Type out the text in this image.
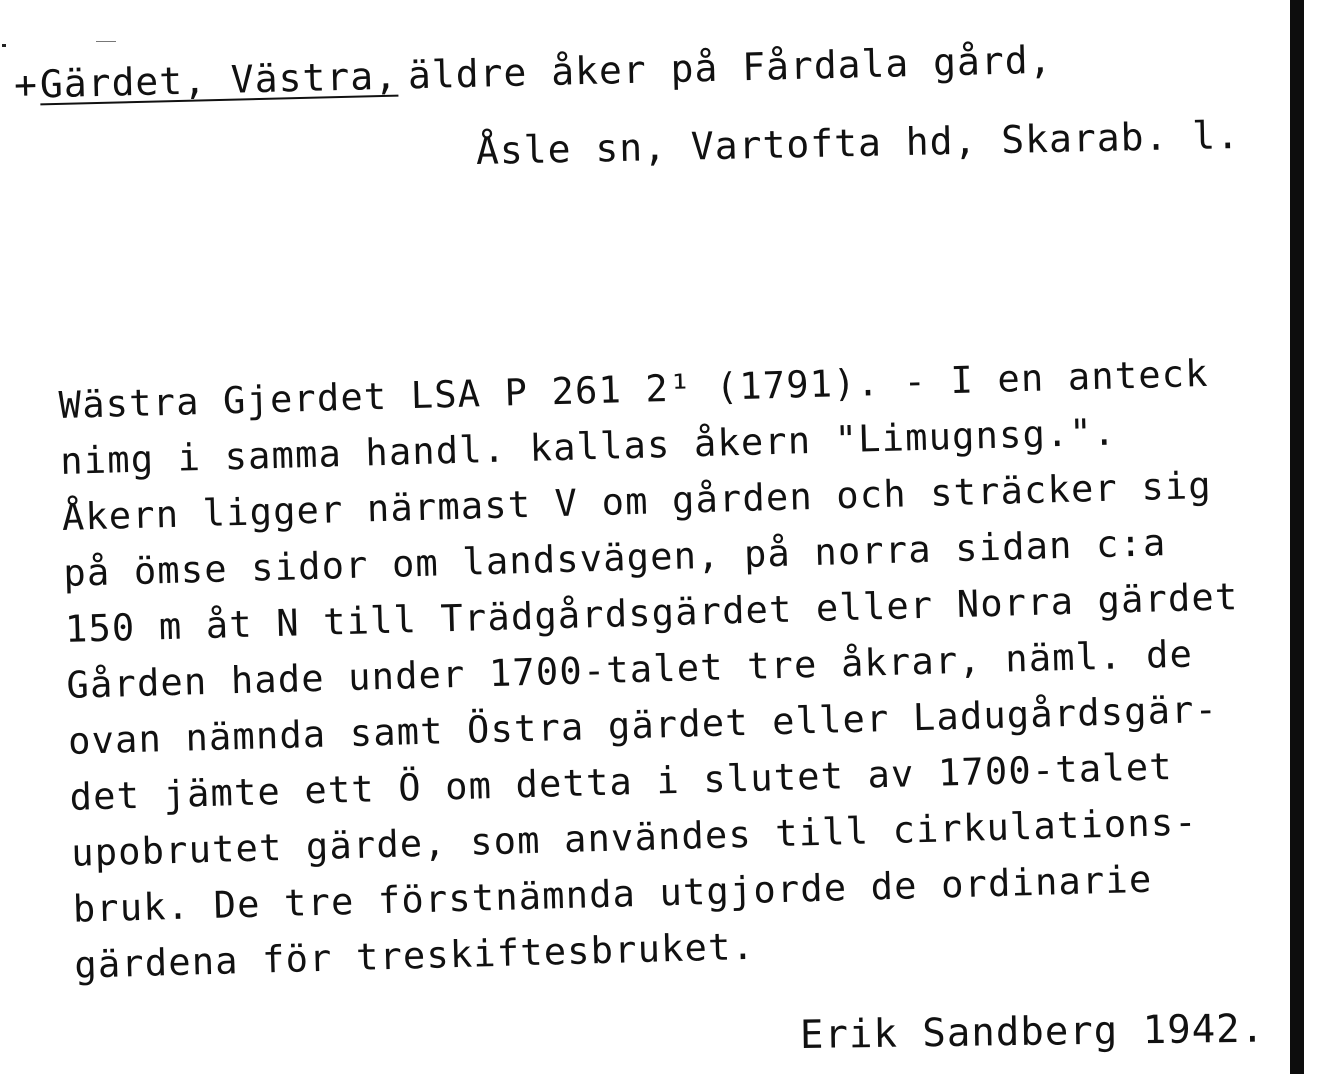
+Gärdet, Västra, äldre åker på Fårdala gård,
Åsle sn, Vartofta hd, Skarab. l.
Wästra Gjerdet LSA P 261 2¹ (1791). - I en anteck
nimg i samma handl. kallas åkern "Limugnsg.".
Åkern ligger närmast V om gården och sträcker sig
på ömse sidor om landsvägen, på norra sidan c:a
150 m åt N till Trädgårdsgärdet eller Norra gärdet
Gården hade under 1700-talet tre åkrar, näml. de
ovan nämnda samt Östra gärdet eller Ladugårdsgär-
det jämte ett Ö om detta i slutet av 1700-talet
upobrutet gärde, som användes till cirkulations-
bruk. De tre förstnämnda utgjorde de ordinarie
gärdena för treskiftesbruket.
Erik Sandberg 1942.
